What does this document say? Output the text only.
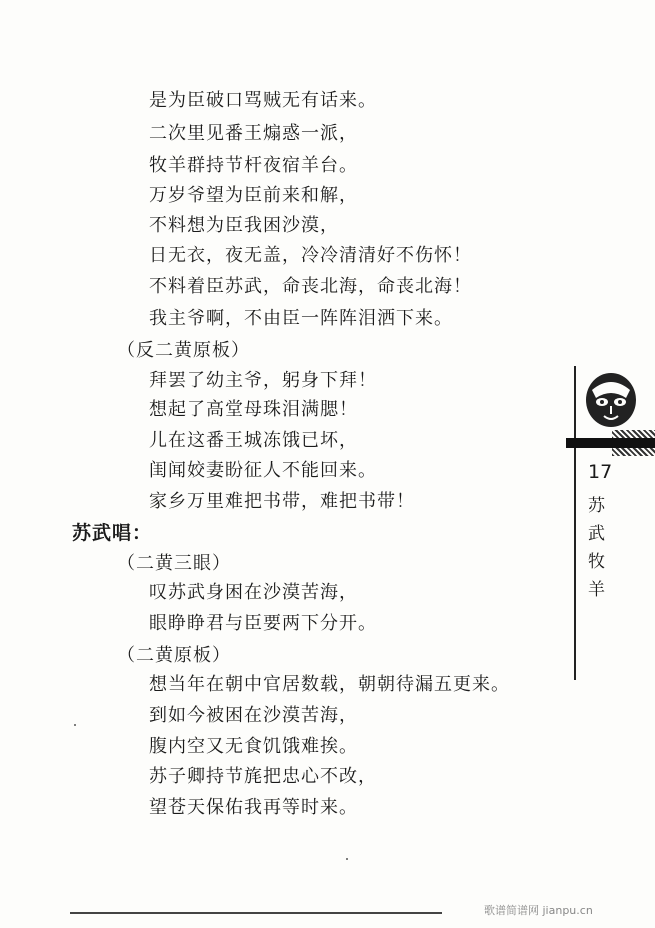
是为臣破口骂贼无有话来。
二次里见番王煽惑一派，
牧羊群持节杆夜宿羊台。
万岁爷望为臣前来和解，
不料想为臣我困沙漠，
日无衣，夜无盖，冷冷清清好不伤怀！
不料着臣苏武，命丧北海，命丧北海！
我主爷啊，不由臣一阵阵泪洒下来。
（反二黄原板）
拜罢了幼主爷，躬身下拜！
想起了高堂母珠泪满腮！
儿在这番王城冻饿已坏，
闺闻姣妻盼征人不能回来。
家乡万里难把书带，难把书带！
苏武唱：
（二黄三眼）
叹苏武身困在沙漠苦海，
眼睁睁君与臣要两下分开。
（二黄原板）
想当年在朝中官居数载，朝朝待漏五更来。
到如今被困在沙漠苦海，
腹内空又无食饥饿难挨。
苏子卿持节旄把忠心不改，
望苍天保佑我再等时来。
17
苏
武
牧
羊
歌谱简谱网 jianpu.cn
